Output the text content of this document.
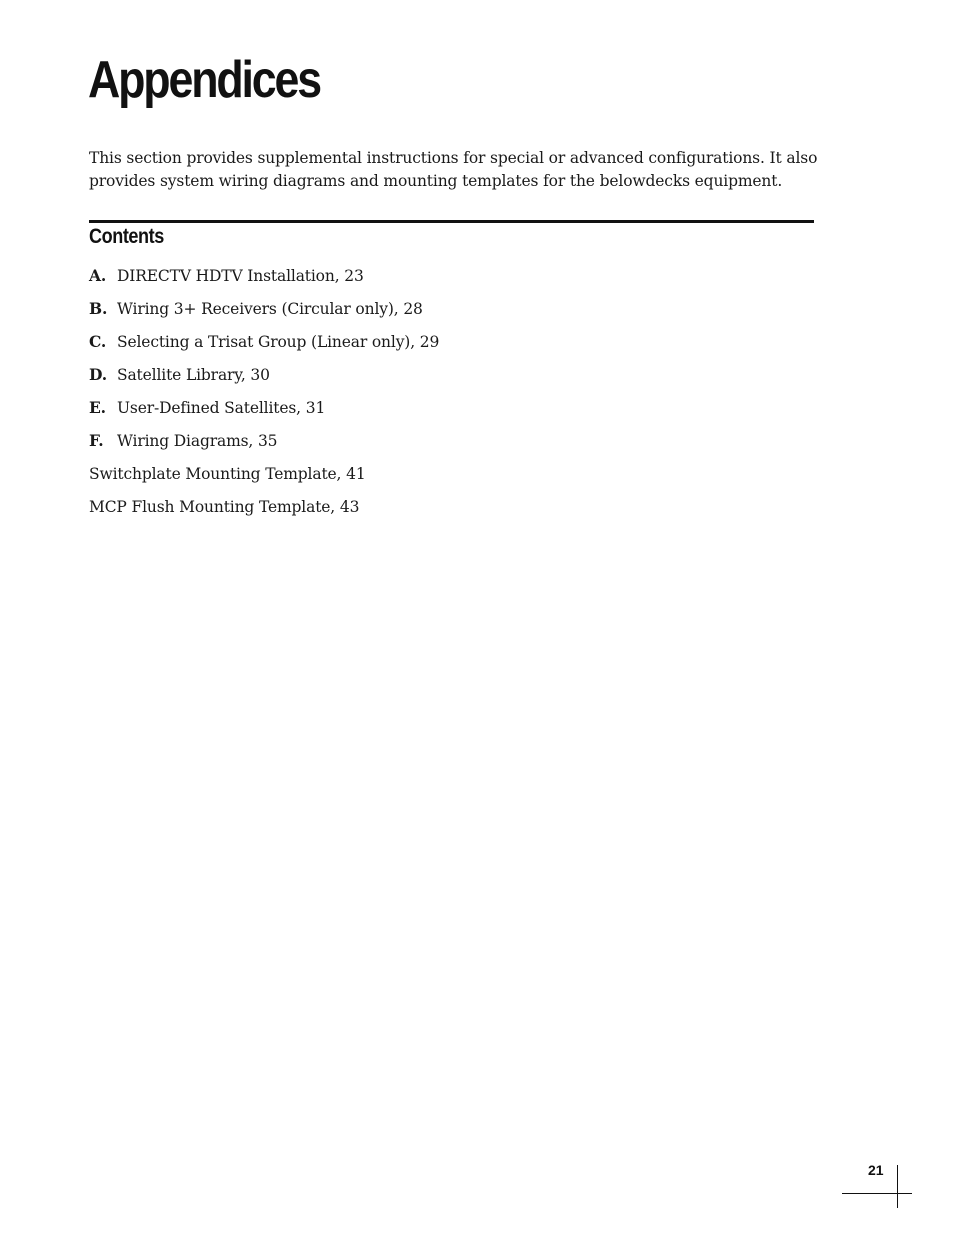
Appendices

This section provides supplemental instructions for special or advanced configurations. It also provides system wiring diagrams and mounting templates for the belowdecks equipment.

Contents
A. DIRECTV HDTV Installation, 23
B. Wiring 3+ Receivers (Circular only), 28
C. Selecting a Trisat Group (Linear only), 29
D. Satellite Library, 30
E. User-Defined Satellites, 31
F. Wiring Diagrams, 35
Switchplate Mounting Template, 41
MCP Flush Mounting Template, 43
21
